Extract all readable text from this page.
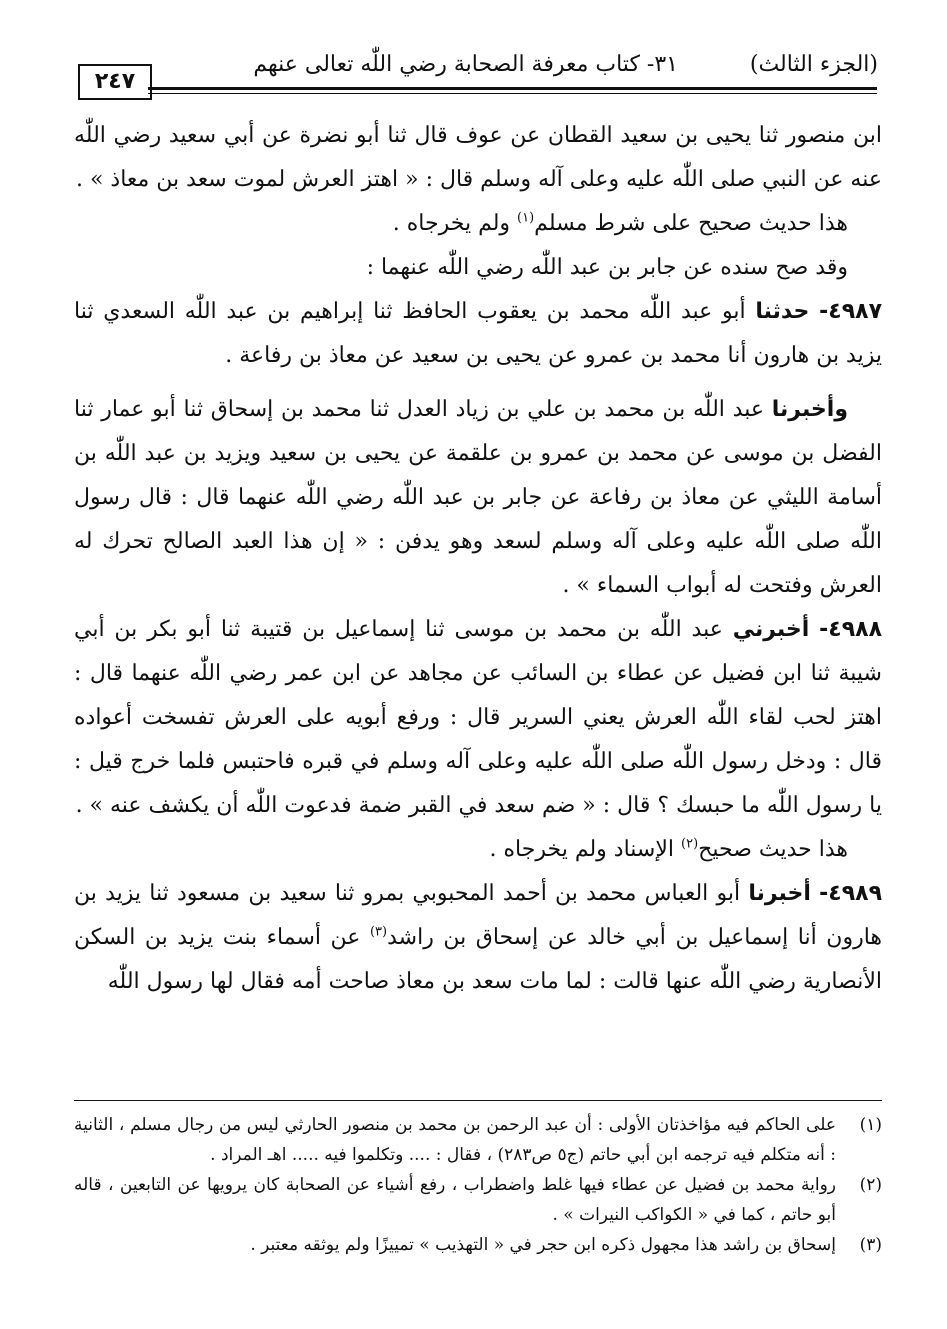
(الجزء الثالث)
٣١- كتاب معرفة الصحابة رضي اللّٰه تعالى عنهم
٢٤٧

ابن منصور ثنا يحيى بن سعيد القطان عن عوف قال ثنا أبو نضرة عن أبي سعيد رضي اللّٰه عنه عن النبي صلى اللّٰه عليه وعلى آله وسلم قال : « اهتز العرش لموت سعد بن معاذ » .

هذا حديث صحيح على شرط مسلم$^{(١)}$ ولم يخرجاه .

وقد صح سنده عن جابر بن عبد اللّٰه رضي اللّٰه عنهما :

٤٩٨٧- حدثنا أبو عبد اللّٰه محمد بن يعقوب الحافظ ثنا إبراهيم بن عبد اللّٰه السعدي ثنا يزيد بن هارون أنا محمد بن عمرو عن يحيى بن سعيد عن معاذ بن رفاعة .

وأخبرنا عبد اللّٰه بن محمد بن علي بن زياد العدل ثنا محمد بن إسحاق ثنا أبو عمار ثنا الفضل بن موسى عن محمد بن عمرو بن علقمة عن يحيى بن سعيد ويزيد بن عبد اللّٰه بن أسامة الليثي عن معاذ بن رفاعة عن جابر بن عبد اللّٰه رضي اللّٰه عنهما قال : قال رسول اللّٰه صلى اللّٰه عليه وعلى آله وسلم لسعد وهو يدفن : « إن هذا العبد الصالح تحرك له العرش وفتحت له أبواب السماء » .

٤٩٨٨- أخبرني عبد اللّٰه بن محمد بن موسى ثنا إسماعيل بن قتيبة ثنا أبو بكر بن أبي شيبة ثنا ابن فضيل عن عطاء بن السائب عن مجاهد عن ابن عمر رضي اللّٰه عنهما قال : اهتز لحب لقاء اللّٰه العرش يعني السرير قال : ورفع أبويه على العرش تفسخت أعواده قال : ودخل رسول اللّٰه صلى اللّٰه عليه وعلى آله وسلم في قبره فاحتبس فلما خرج قيل : يا رسول اللّٰه ما حبسك ؟ قال : « ضم سعد في القبر ضمة فدعوت اللّٰه أن يكشف عنه » .

هذا حديث صحيح$^{(٢)}$ الإسناد ولم يخرجاه .

٤٩٨٩- أخبرنا أبو العباس محمد بن أحمد المحبوبي بمرو ثنا سعيد بن مسعود ثنا يزيد بن هارون أنا إسماعيل بن أبي خالد عن إسحاق بن راشد$^{(٣)}$ عن أسماء بنت يزيد بن السكن الأنصارية رضي اللّٰه عنها قالت : لما مات سعد بن معاذ صاحت أمه فقال لها رسول اللّٰه

(١)
على الحاكم فيه مؤاخذتان الأولى : أن عبد الرحمن بن محمد بن منصور الحارثي ليس من رجال مسلم ، الثانية : أنه متكلم فيه ترجمه ابن أبي حاتم (ج٥ ص٢٨٣) ، فقال : .... وتكلموا فيه ..... اهـ المراد .
(٢)
رواية محمد بن فضيل عن عطاء فيها غلط واضطراب ، رفع أشياء عن الصحابة كان يرويها عن التابعين ، قاله أبو حاتم ، كما في « الكواكب النيرات » .
(٣)
إسحاق بن راشد هذا مجهول ذكره ابن حجر في « التهذيب » تمييزًا ولم يوثقه معتبر .
